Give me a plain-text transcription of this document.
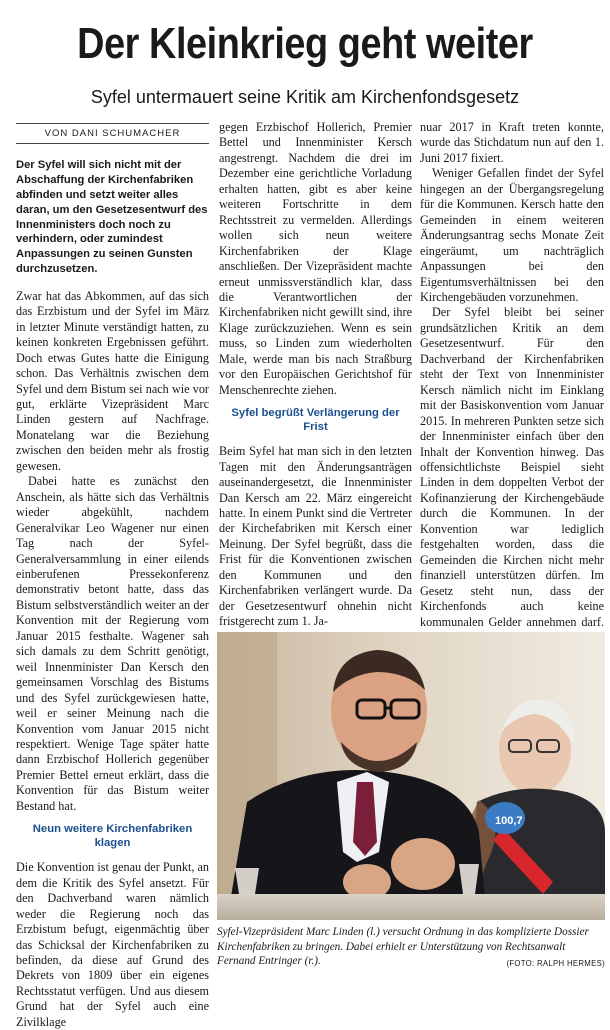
Der Kleinkrieg geht weiter
Syfel untermauert seine Kritik am Kirchenfondsgesetz
VON DANI SCHUMACHER
Der Syfel will sich nicht mit der Abschaffung der Kirchenfabriken abfinden und setzt weiter alles daran, um den Gesetzesentwurf des Innenministers doch noch zu verhindern, oder zumindest Anpassungen zu seinen Gunsten durchzusetzen.

Zwar hat das Abkommen, auf das sich das Erzbistum und der Syfel im März in letzter Minute verständigt hatten, zu keinen konkreten Ergebnissen geführt. Doch etwas Gutes hatte die Einigung schon. Das Verhältnis zwischen dem Syfel und dem Bistum sei nach wie vor gut, erklärte Vizepräsident Marc Linden gestern auf Nachfrage. Monatelang war die Beziehung zwischen den beiden mehr als frostig gewesen.

Dabei hatte es zunächst den Anschein, als hätte sich das Verhältnis wieder abgekühlt, nachdem Generalvikar Leo Wagener nur einen Tag nach der Syfel-Generalversammlung in einer eilends einberufenen Pressekonferenz demonstrativ betont hatte, dass das Bistum selbstverständlich weiter an der Konvention mit der Regierung vom Januar 2015 festhalte. Wagener sah sich damals zu dem Schritt genötigt, weil Innenminister Dan Kersch den gemeinsamen Vorschlag des Bistums und des Syfel zurückgewiesen hatte, weil er seiner Meinung nach die Konvention vom Januar 2015 nicht respektiert. Wenige Tage später hatte dann Erzbischof Hollerich gegenüber Premier Bettel erneut erklärt, dass die Konvention für das Bistum weiter Bestand hat.

Neun weitere Kirchenfabriken klagen

Die Konvention ist genau der Punkt, an dem die Kritik des Syfel ansetzt. Für den Dachverband waren nämlich weder die Regierung noch das Erzbistum befugt, eigenmächtig über das Schicksal der Kirchenfabriken zu befinden, da diese auf Grund des Dekrets von 1809 über ein eigenes Rechtsstatut verfügen. Und aus diesem Grund hat der Syfel auch eine Zivilklage

gegen Erzbischof Hollerich, Premier Bettel und Innenminister Kersch angestrengt. Nachdem die drei im Dezember eine gerichtliche Vorladung erhalten hatten, gibt es aber keine weiteren Fortschritte in dem Rechtsstreit zu vermelden. Allerdings wollen sich neun weitere Kirchenfabriken der Klage anschließen. Der Vizepräsident machte erneut unmissverständlich klar, dass die Verantwortlichen der Kirchenfabriken nicht gewillt sind, ihre Klage zurückzuziehen. Wenn es sein muss, so Linden zum wiederholten Male, werde man bis nach Straßburg vor den Europäischen Gerichtshof für Menschenrechte ziehen.

Syfel begrüßt Verlängerung der Frist

Beim Syfel hat man sich in den letzten Tagen mit den Änderungsanträgen auseinandergesetzt, die Innenminister Dan Kersch am 22. März eingereicht hatte. In einem Punkt sind die Vertreter der Kirchefabriken mit Kersch einer Meinung. Der Syfel begrüßt, dass die Frist für die Konventionen zwischen den Kommunen und den Kirchenfabriken verlängert wurde. Da der Gesetzesentwurf ohnehin nicht fristgerecht zum 1. Ja-

nuar 2017 in Kraft treten konnte, wurde das Stichdatum nun auf den 1. Juni 2017 fixiert.

Weniger Gefallen findet der Syfel hingegen an der Übergangsregelung für die Kommunen. Kersch hatte den Gemeinden in einem weiteren Änderungsantrag sechs Monate Zeit eingeräumt, um nachträglich Anpassungen bei den Eigentumsverhältnissen bei den Kirchengebäuden vorzunehmen.

Der Syfel bleibt bei seiner grundsätzlichen Kritik an dem Gesetzesentwurf. Für den Dachverband der Kirchenfabriken steht der Text von Innenminister Kersch nämlich nicht im Einklang mit der Basiskonvention vom Januar 2015. In mehreren Punkten setze sich der Innenminister einfach über den Inhalt der Konvention hinweg. Das offensichtlichste Beispiel sieht Linden in dem doppelten Verbot der Kofinanzierung der Kirchengebäude durch die Kommunen. In der Konvention war lediglich festgehalten worden, dass die Gemeinden die Kirchen nicht mehr finanziell unterstützen dürfen. Im Gesetz steht nun, dass der Kirchenfonds auch keine kommunalen Gelder annehmen darf.

100,7
Syfel-Vizepräsident Marc Linden (l.) versucht Ordnung in das komplizierte Dossier Kirchenfabriken zu bringen. Dabei erhielt er Unterstützung von Rechtsanwalt Fernand Entringer (r.).	(FOTO: RALPH HERMES)
